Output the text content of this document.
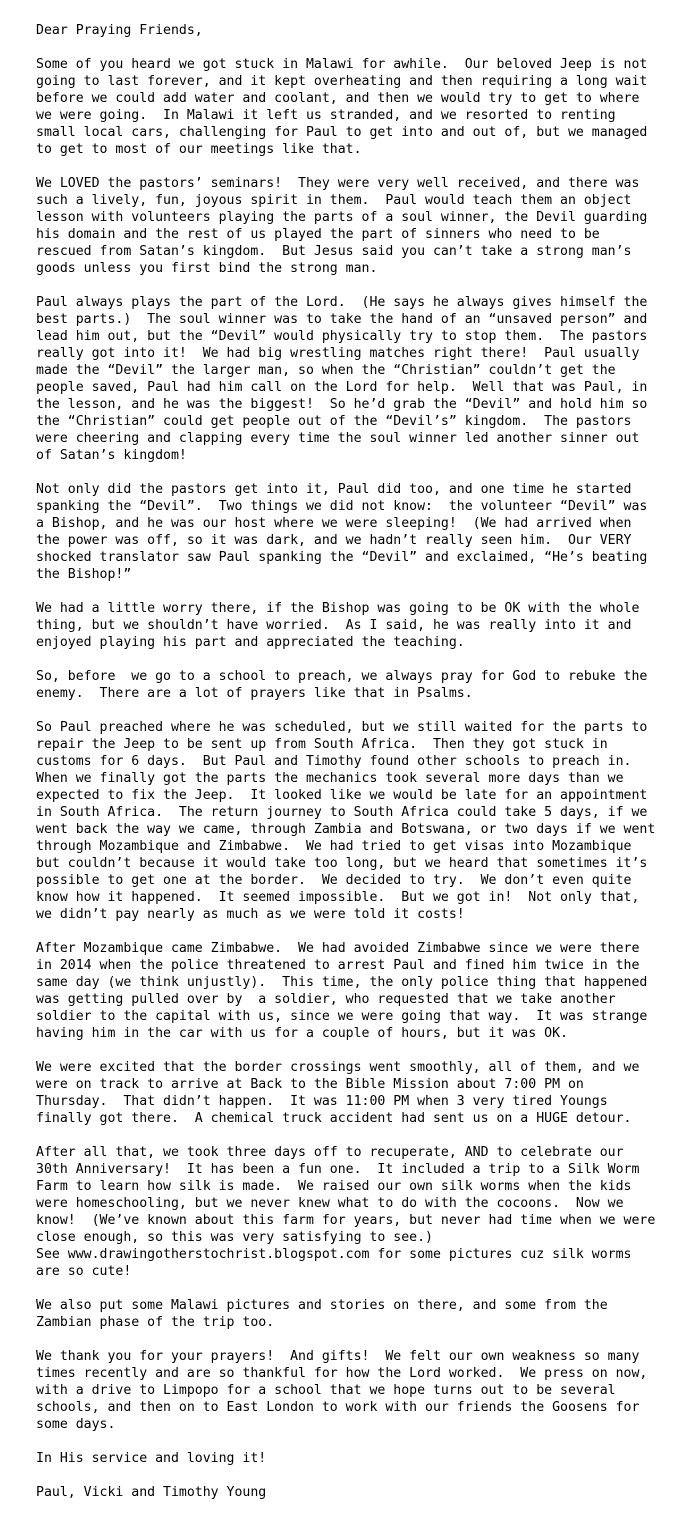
Dear Praying Friends,
Some of you heard we got stuck in Malawi for awhile.  Our beloved Jeep is not
going to last forever, and it kept overheating and then requiring a long wait
before we could add water and coolant, and then we would try to get to where
we were going.  In Malawi it left us stranded, and we resorted to renting
small local cars, challenging for Paul to get into and out of, but we managed
to get to most of our meetings like that.
We LOVED the pastors’ seminars!  They were very well received, and there was
such a lively, fun, joyous spirit in them.  Paul would teach them an object
lesson with volunteers playing the parts of a soul winner, the Devil guarding
his domain and the rest of us played the part of sinners who need to be
rescued from Satan’s kingdom.  But Jesus said you can’t take a strong man’s
goods unless you first bind the strong man.
Paul always plays the part of the Lord.  (He says he always gives himself the
best parts.)  The soul winner was to take the hand of an “unsaved person” and
lead him out, but the “Devil” would physically try to stop them.  The pastors
really got into it!  We had big wrestling matches right there!  Paul usually
made the “Devil” the larger man, so when the “Christian” couldn’t get the
people saved, Paul had him call on the Lord for help.  Well that was Paul, in
the lesson, and he was the biggest!  So he’d grab the “Devil” and hold him so
the “Christian” could get people out of the “Devil’s” kingdom.  The pastors
were cheering and clapping every time the soul winner led another sinner out
of Satan’s kingdom!
Not only did the pastors get into it, Paul did too, and one time he started
spanking the “Devil”.  Two things we did not know:  the volunteer “Devil” was
a Bishop, and he was our host where we were sleeping!  (We had arrived when
the power was off, so it was dark, and we hadn’t really seen him.  Our VERY
shocked translator saw Paul spanking the “Devil” and exclaimed, “He’s beating
the Bishop!”
We had a little worry there, if the Bishop was going to be OK with the whole
thing, but we shouldn’t have worried.  As I said, he was really into it and
enjoyed playing his part and appreciated the teaching.
So, before  we go to a school to preach, we always pray for God to rebuke the
enemy.  There are a lot of prayers like that in Psalms.
So Paul preached where he was scheduled, but we still waited for the parts to
repair the Jeep to be sent up from South Africa.  Then they got stuck in
customs for 6 days.  But Paul and Timothy found other schools to preach in.
When we finally got the parts the mechanics took several more days than we
expected to fix the Jeep.  It looked like we would be late for an appointment
in South Africa.  The return journey to South Africa could take 5 days, if we
went back the way we came, through Zambia and Botswana, or two days if we went
through Mozambique and Zimbabwe.  We had tried to get visas into Mozambique
but couldn’t because it would take too long, but we heard that sometimes it’s
possible to get one at the border.  We decided to try.  We don’t even quite
know how it happened.  It seemed impossible.  But we got in!  Not only that,
we didn’t pay nearly as much as we were told it costs!
After Mozambique came Zimbabwe.  We had avoided Zimbabwe since we were there
in 2014 when the police threatened to arrest Paul and fined him twice in the
same day (we think unjustly).  This time, the only police thing that happened
was getting pulled over by  a soldier, who requested that we take another
soldier to the capital with us, since we were going that way.  It was strange
having him in the car with us for a couple of hours, but it was OK.
We were excited that the border crossings went smoothly, all of them, and we
were on track to arrive at Back to the Bible Mission about 7:00 PM on
Thursday.  That didn’t happen.  It was 11:00 PM when 3 very tired Youngs
finally got there.  A chemical truck accident had sent us on a HUGE detour.
After all that, we took three days off to recuperate, AND to celebrate our
30th Anniversary!  It has been a fun one.  It included a trip to a Silk Worm
Farm to learn how silk is made.  We raised our own silk worms when the kids
were homeschooling, but we never knew what to do with the cocoons.  Now we
know!  (We’ve known about this farm for years, but never had time when we were
close enough, so this was very satisfying to see.)
See www.drawingotherstochrist.blogspot.com for some pictures cuz silk worms
are so cute!
We also put some Malawi pictures and stories on there, and some from the
Zambian phase of the trip too.
We thank you for your prayers!  And gifts!  We felt our own weakness so many
times recently and are so thankful for how the Lord worked.  We press on now,
with a drive to Limpopo for a school that we hope turns out to be several
schools, and then on to East London to work with our friends the Goosens for
some days.
In His service and loving it!
Paul, Vicki and Timothy Young
